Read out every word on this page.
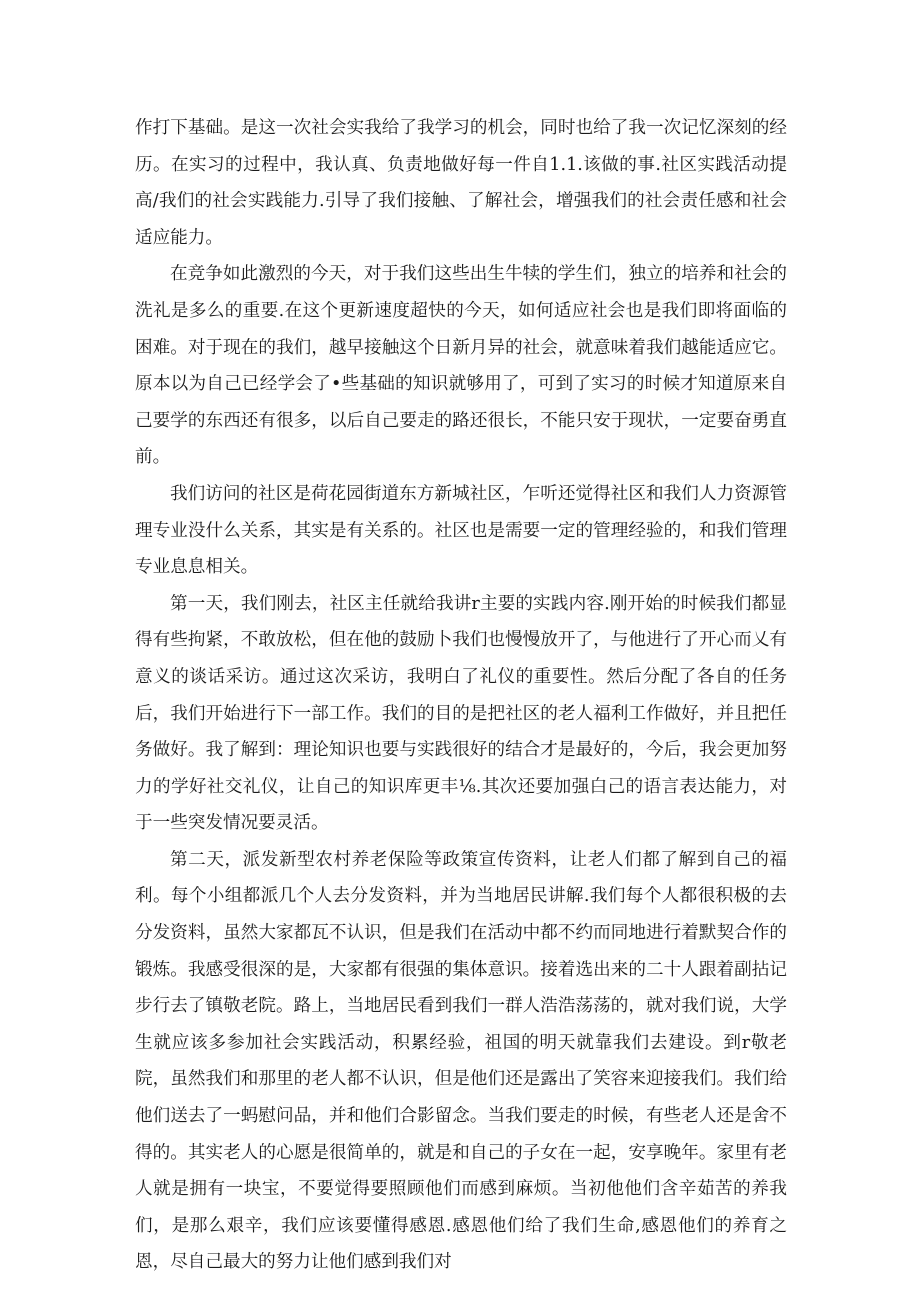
作打下基础。是这一次社会实我给了我学习的机会，同时也给了我一次记忆深刻的经历。在实习的过程中，我认真、负责地做好每一件自1.1.该做的事.社区实践活动提高/我们的社会实践能力.引导了我们接触、了解社会，增强我们的社会责任感和社会适应能力。

在竞争如此激烈的今天，对于我们这些出生牛犊的学生们，独立的培养和社会的洗礼是多么的重要.在这个更新速度超快的今天，如何适应社会也是我们即将面临的困难。对于现在的我们，越早接触这个日新月异的社会，就意味着我们越能适应它。原本以为自己已经学会了•些基础的知识就够用了，可到了实习的时候才知道原来自己要学的东西还有很多，以后自己要走的路还很长，不能只安于现状，一定要奋勇直前。

我们访问的社区是荷花园街道东方新城社区，乍听还觉得社区和我们人力资源管理专业没什么关系，其实是有关系的。社区也是需要一定的管理经验的，和我们管理专业息息相关。

第一天，我们刚去，社区主任就给我讲r主要的实践内容.刚开始的时候我们都显得有些拘紧，不敢放松，但在他的鼓励卜我们也慢慢放开了，与他进行了开心而乂有意义的谈话采访。通过这次采访，我明白了礼仪的重要性。然后分配了各自的任务后，我们开始进行下一部工作。我们的目的是把社区的老人福利工作做好，并且把任务做好。我了解到：理论知识也要与实践很好的结合才是最好的，今后，我会更加努力的学好社交礼仪，让自己的知识库更丰⅛.其次还要加强白己的语言表达能力，对于一些突发情况要灵活。

第二天，派发新型农村养老保险等政策宣传资料，让老人们都了解到自己的福利。每个小组都派几个人去分发资料，并为当地居民讲解.我们每个人都很积极的去分发资料，虽然大家都瓦不认识，但是我们在活动中都不约而同地进行着默契合作的锻炼。我感受很深的是，大家都有很强的集体意识。接着选出来的二十人跟着副拈记步行去了镇敬老院。路上，当地居民看到我们一群人浩浩荡荡的，就对我们说，大学生就应该多参加社会实践活动，积累经验，祖国的明天就靠我们去建设。到r敬老院，虽然我们和那里的老人都不认识，但是他们还是露出了笑容来迎接我们。我们给他们送去了一蚂慰问品，并和他们合影留念。当我们要走的时候，有些老人还是舍不得的。其实老人的心愿是很简单的，就是和自己的子女在一起，安享晚年。家里有老人就是拥有一块宝，不要觉得要照顾他们而感到麻烦。当初他他们含辛茹苦的养我们，是那么艰辛，我们应该要懂得感恩.感恩他们给了我们生命,感恩他们的养育之恩，尽自己最大的努力让他们感到我们对
